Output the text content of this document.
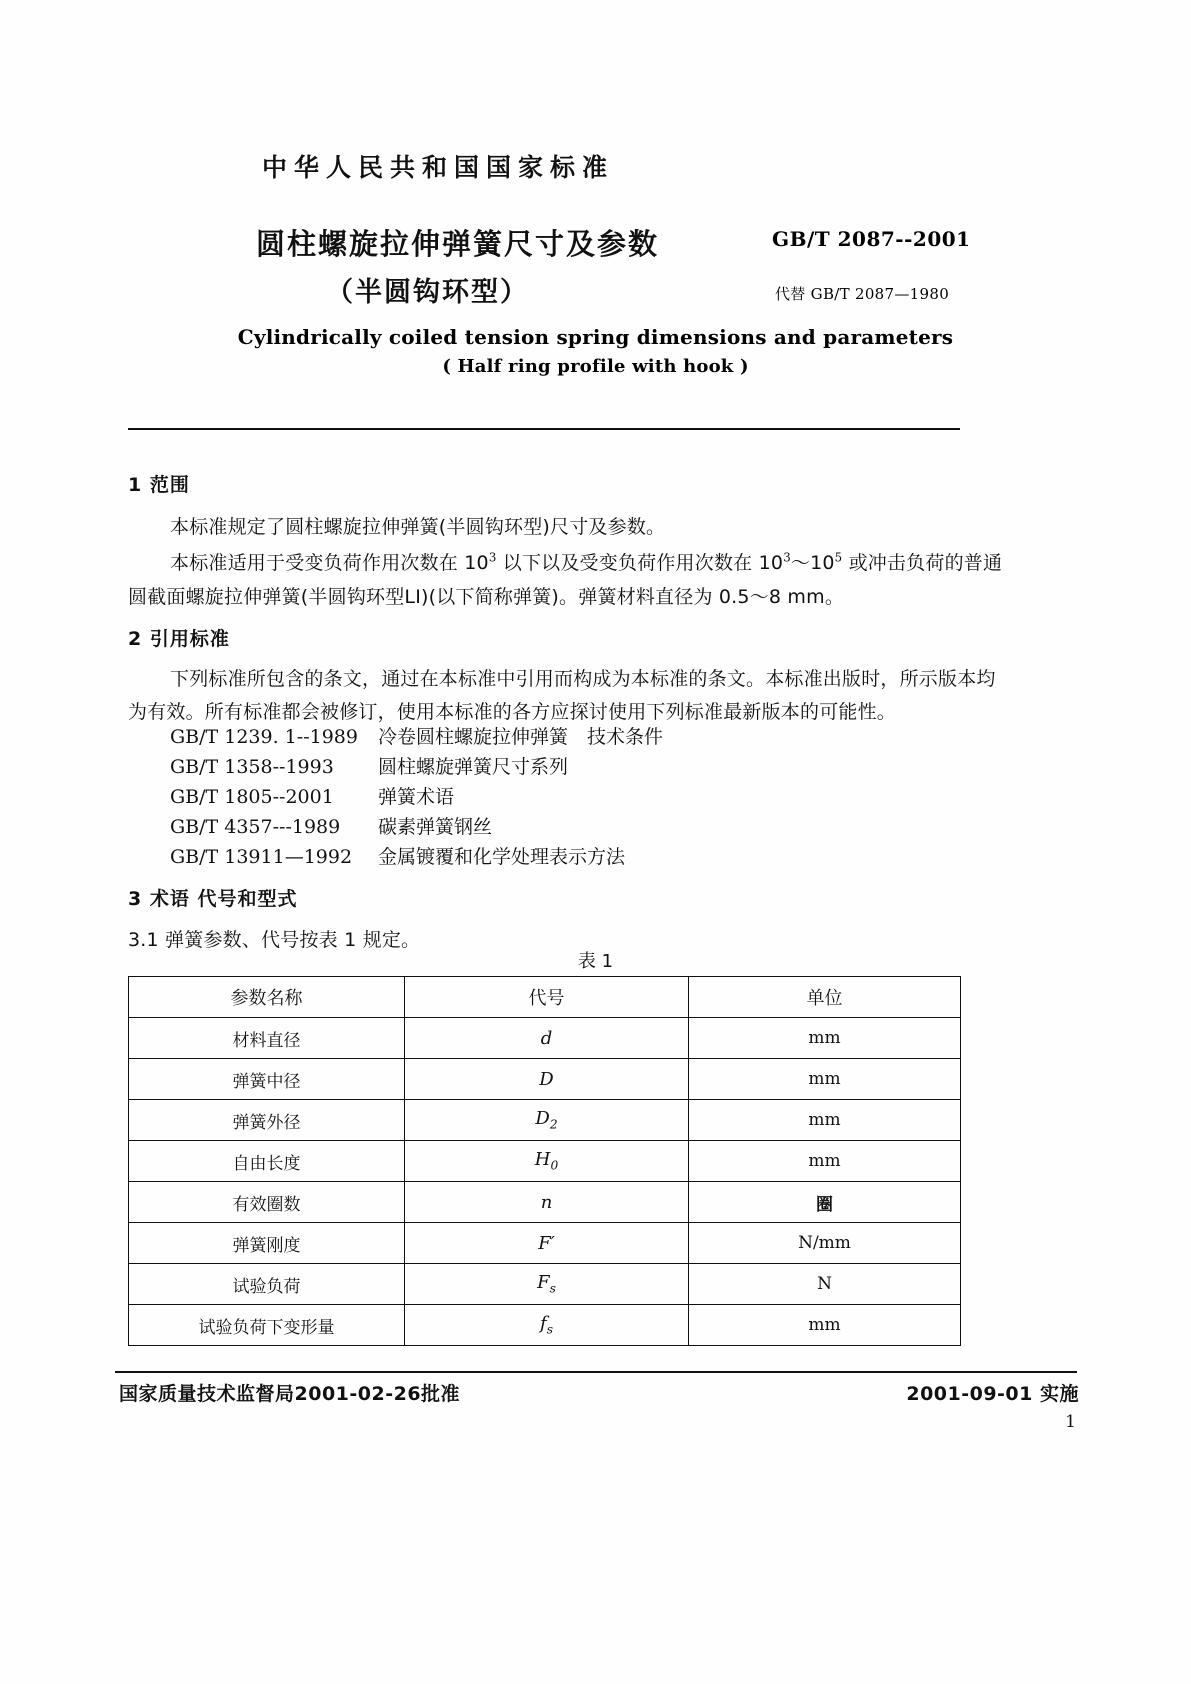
中华人民共和国国家标准
圆柱螺旋拉伸弹簧尺寸及参数
（半圆钩环型）
GB/T 2087--2001
代替 GB/T 2087—1980
Cylindrically coiled tension spring dimensions and parameters
( Half ring profile with hook )
1 范围
本标准规定了圆柱螺旋拉伸弹簧(半圆钩环型)尺寸及参数。
本标准适用于受变负荷作用次数在 $10^3$ 以下以及受变负荷作用次数在 $10^3\sim 10^5$ 或冲击负荷的普通
圆截面螺旋拉伸弹簧(半圆钩环型LI)(以下简称弹簧)。弹簧材料直径为 0.5～8 mm。
2 引用标准
下列标准所包含的条文，通过在本标准中引用而构成为本标准的条文。本标准出版时，所示版本均
为有效。所有标准都会被修订，使用本标准的各方应探讨使用下列标准最新版本的可能性。
GB/T 1239. 1--1989 冷卷圆柱螺旋拉伸弹簧　技术条件
GB/T 1358--1993 圆柱螺旋弹簧尺寸系列
GB/T 1805--2001 弹簧术语
GB/T 4357---1989 碳素弹簧钢丝
GB/T 13911—1992 金属镀覆和化学处理表示方法
3 术语 代号和型式
3.1 弹簧参数、代号按表 1 规定。
表 1
参数名称	代号	单位
材料直径	d	mm
弹簧中径	D	mm
弹簧外径	$D_2$	mm
自由长度	$H_0$	mm
有效圈数	n	圈
弹簧刚度	F′	N/mm
试验负荷	$F_s$	N
试验负荷下变形量	$f_s$	mm
国家质量技术监督局2001-02-26批准	2001-09-01 实施
1
